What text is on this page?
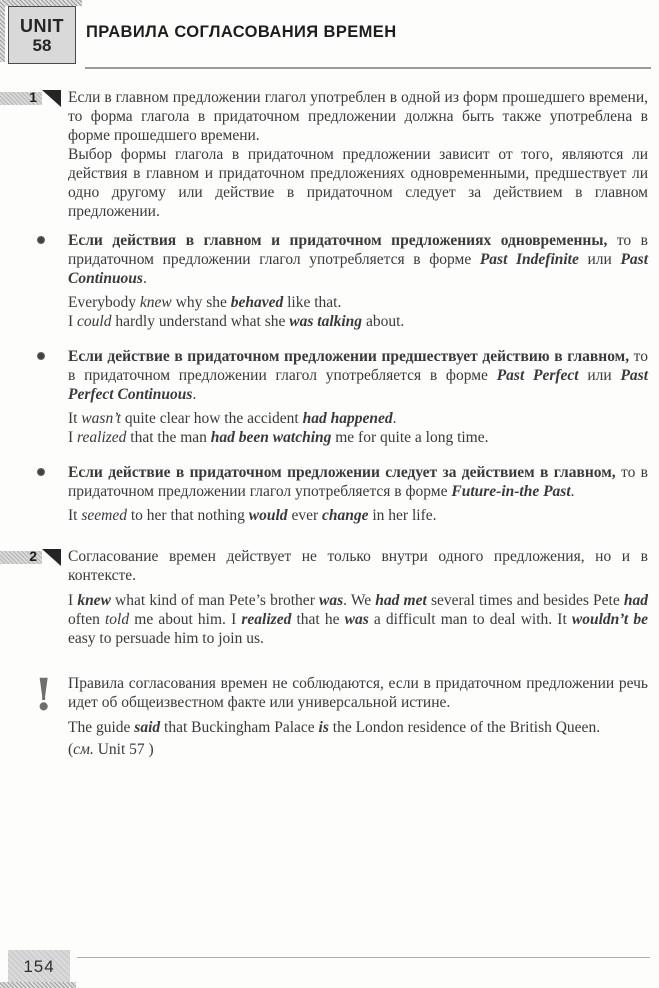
UNIT
58
ПРАВИЛА СОГЛАСОВАНИЯ ВРЕМЕН
1 Если в главном предложении глагол употреблен в одной из форм прошедшего времени, то форма глагола в придаточном предложении должна быть также употреблена в форме прошедшего времени.

Выбор формы глагола в придаточном предложении зависит от того, являются ли действия в главном и придаточном предложениях одновременными, предшествует ли одно другому или действие в придаточном следует за действием в главном предложении.

Если действия в главном и придаточном предложениях одновременны, то в придаточном предложении глагол употребляется в форме Past Indefinite или Past Continuous.

Everybody knew why she behaved like that.

I could hardly understand what she was talking about.

Если действие в придаточном предложении предшествует действию в главном, то в придаточном предложении глагол употребляется в форме Past Perfect или Past Perfect Continuous.

It wasn’t quite clear how the accident had happened.

I realized that the man had been watching me for quite a long time.

Если действие в придаточном предложении следует за действием в главном, то в придаточном предложении глагол употребляется в форме Future-in-the Past.

It seemed to her that nothing would ever change in her life.

2 Согласование времен действует не только внутри одного предложения, но и в контексте.

I knew what kind of man Pete’s brother was. We had met several times and besides Pete had often told me about him. I realized that he was a difficult man to deal with. It wouldn’t be easy to persuade him to join us.

! Правила согласования времен не соблюдаются, если в придаточном предложении речь идет об общеизвестном факте или универсальной истине.

The guide said that Buckingham Palace is the London residence of the British Queen.

(см. Unit 57 )

154
